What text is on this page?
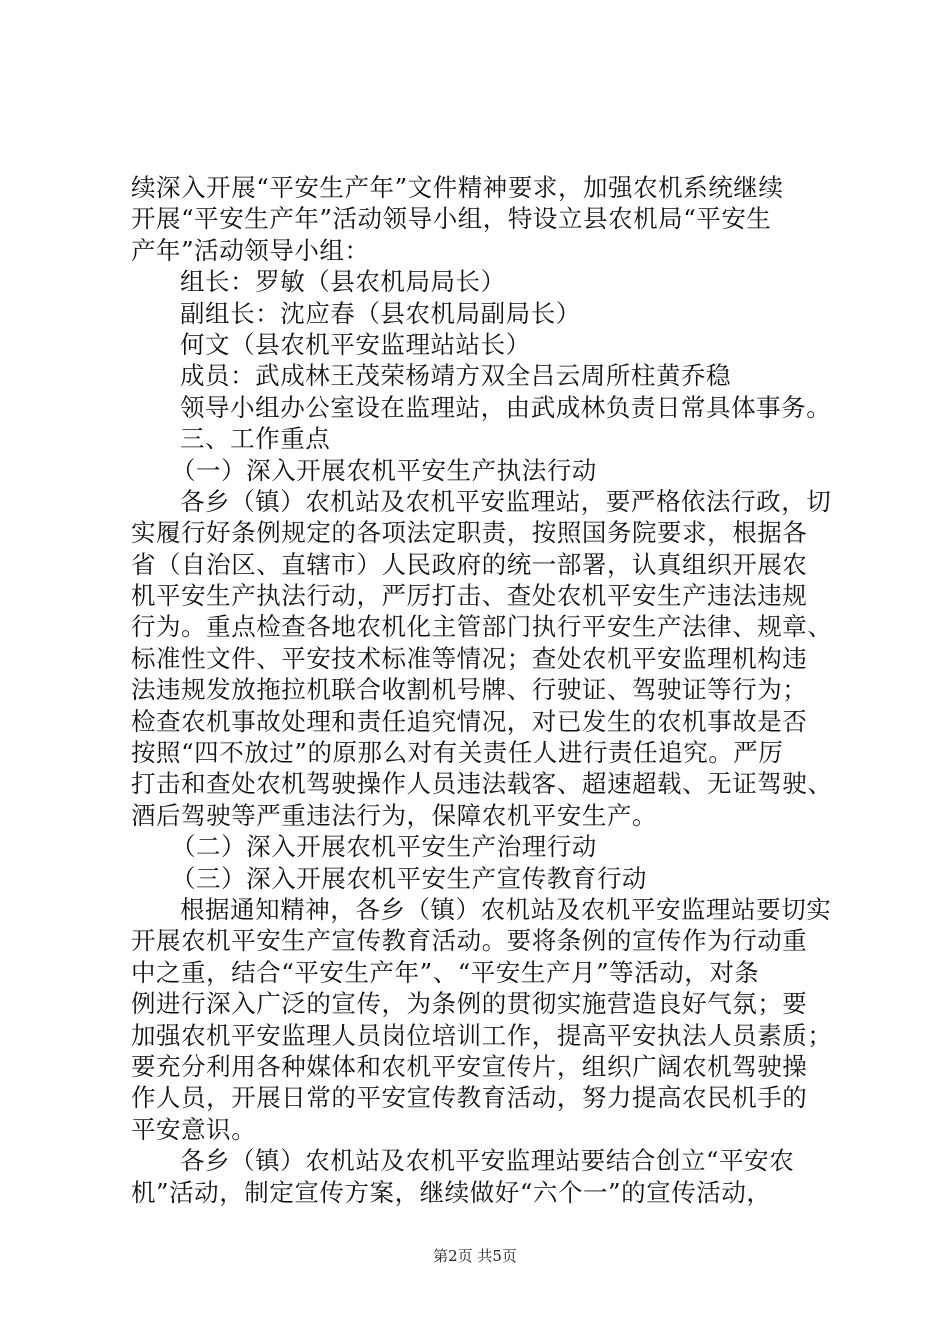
续深入开展“平安生产年”文件精神要求，加强农机系统继续
开展“平安生产年”活动领导小组，特设立县农机局“平安生
产年”活动领导小组：
组长：罗敏（县农机局局长）
副组长：沈应春（县农机局副局长）
何文（县农机平安监理站站长）
成员：武成林王茂荣杨靖方双全吕云周所柱黄乔稳
领导小组办公室设在监理站，由武成林负责日常具体事务。
三、工作重点
（一）深入开展农机平安生产执法行动
各乡（镇）农机站及农机平安监理站，要严格依法行政，切
实履行好条例规定的各项法定职责，按照国务院要求，根据各
省（自治区、直辖市）人民政府的统一部署，认真组织开展农
机平安生产执法行动，严厉打击、查处农机平安生产违法违规
行为。重点检查各地农机化主管部门执行平安生产法律、规章、
标准性文件、平安技术标准等情况；查处农机平安监理机构违
法违规发放拖拉机联合收割机号牌、行驶证、驾驶证等行为；
检查农机事故处理和责任追究情况，对已发生的农机事故是否
按照“四不放过”的原那么对有关责任人进行责任追究。严厉
打击和查处农机驾驶操作人员违法载客、超速超载、无证驾驶、
酒后驾驶等严重违法行为，保障农机平安生产。
（二）深入开展农机平安生产治理行动
（三）深入开展农机平安生产宣传教育行动
根据通知精神，各乡（镇）农机站及农机平安监理站要切实
开展农机平安生产宣传教育活动。要将条例的宣传作为行动重
中之重，结合“平安生产年”、“平安生产月”等活动，对条
例进行深入广泛的宣传，为条例的贯彻实施营造良好气氛；要
加强农机平安监理人员岗位培训工作，提高平安执法人员素质；
要充分利用各种媒体和农机平安宣传片，组织广阔农机驾驶操
作人员，开展日常的平安宣传教育活动，努力提高农民机手的
平安意识。
各乡（镇）农机站及农机平安监理站要结合创立“平安农
机”活动，制定宣传方案，继续做好“六个一”的宣传活动，
第2页 共5页
